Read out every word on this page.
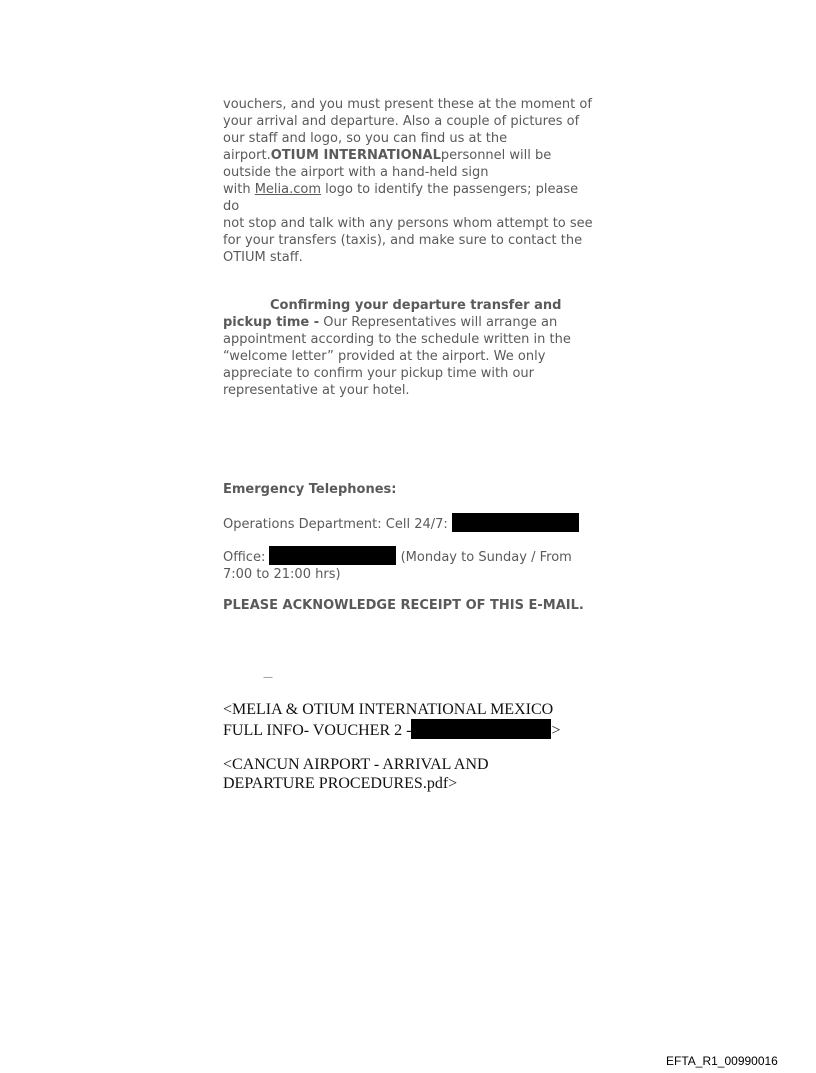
vouchers, and you must present these at the moment of

your arrival and departure. Also a couple of pictures of

our staff and logo, so you can find us at the

airport.OTIUM INTERNATIONALpersonnel will be

outside the airport with a hand-held sign

with Melia.com logo to identify the passengers; please do

not stop and talk with any persons whom attempt to see

for your transfers (taxis), and make sure to contact the

OTIUM staff.

Confirming your departure transfer and

pickup time - Our Representatives will arrange an

appointment according to the schedule written in the

“welcome letter” provided at the airport. We only

appreciate to confirm your pickup time with our

representative at your hotel.

Emergency Telephones:
Operations Department: Cell 24/7:

Office:	(Monday to Sunday / From

7:00 to 21:00 hrs)

PLEASE ACKNOWLEDGE RECEIPT OF THIS E-MAIL.
—

<MELIA & OTIUM INTERNATIONAL MEXICO

FULL INFO- VOUCHER 2 -	>

<CANCUN AIRPORT - ARRIVAL AND

DEPARTURE PROCEDURES.pdf>

EFTA_R1_00990016
